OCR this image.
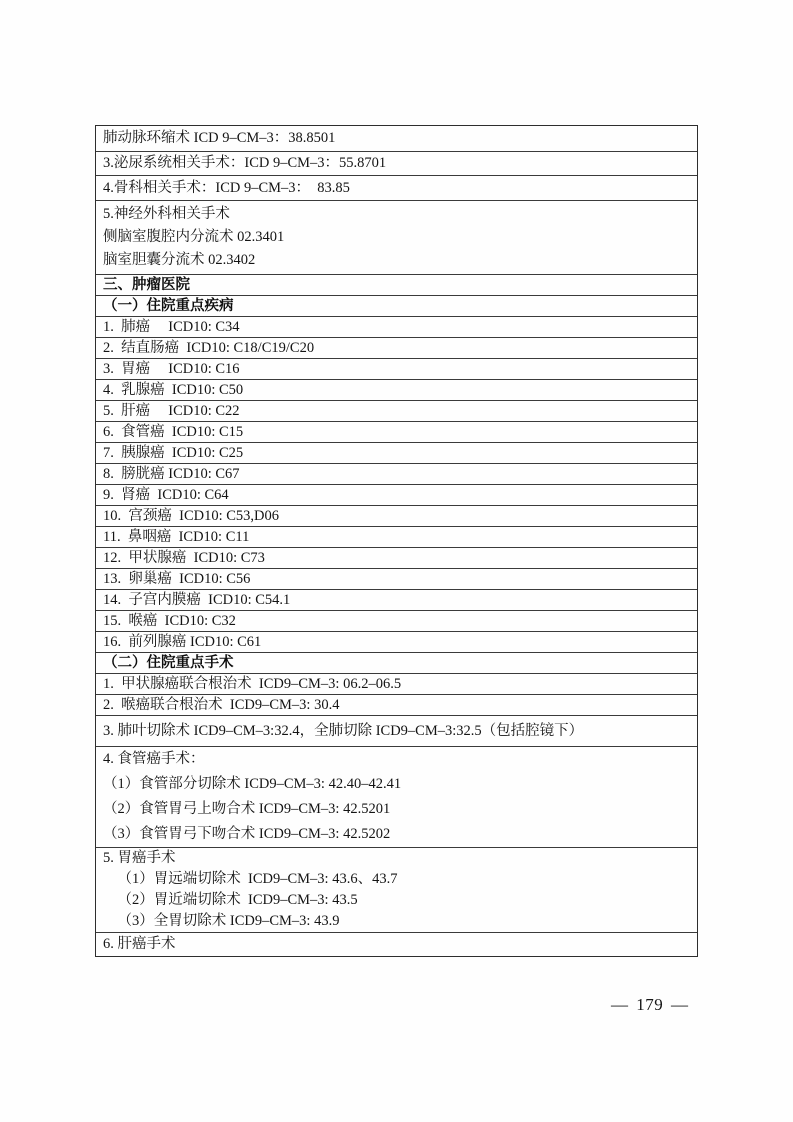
肺动脉环缩术 ICD 9–CM–3：38.8501
3.泌尿系统相关手术：ICD 9–CM–3：55.8701
4.骨科相关手术：ICD 9–CM–3：  83.85
5.神经外科相关手术
侧脑室腹腔内分流术 02.3401
脑室胆囊分流术 02.3402
三、肿瘤医院
（一）住院重点疾病
1.  肺癌     ICD10: C34
2.  结直肠癌  ICD10: C18/C19/C20
3.  胃癌     ICD10: C16
4.  乳腺癌  ICD10: C50
5.  肝癌     ICD10: C22
6.  食管癌  ICD10: C15
7.  胰腺癌  ICD10: C25
8.  膀胱癌 ICD10: C67
9.  肾癌  ICD10: C64
10.  宫颈癌  ICD10: C53,D06
11.  鼻咽癌  ICD10: C11
12.  甲状腺癌  ICD10: C73
13.  卵巢癌  ICD10: C56
14.  子宫内膜癌  ICD10: C54.1
15.  喉癌  ICD10: C32
16.  前列腺癌 ICD10: C61
（二）住院重点手术
1.  甲状腺癌联合根治术  ICD9–CM–3: 06.2–06.5
2.  喉癌联合根治术  ICD9–CM–3: 30.4
3. 肺叶切除术 ICD9–CM–3:32.4，全肺切除 ICD9–CM–3:32.5（包括腔镜下）
4. 食管癌手术：
（1）食管部分切除术 ICD9–CM–3: 42.40–42.41
（2）食管胃弓上吻合术 ICD9–CM–3: 42.5201
（3）食管胃弓下吻合术 ICD9–CM–3: 42.5202
5. 胃癌手术
（1）胃远端切除术  ICD9–CM–3: 43.6、43.7
（2）胃近端切除术  ICD9–CM–3: 43.5
（3）全胃切除术 ICD9–CM–3: 43.9
6. 肝癌手术
— 179 —
